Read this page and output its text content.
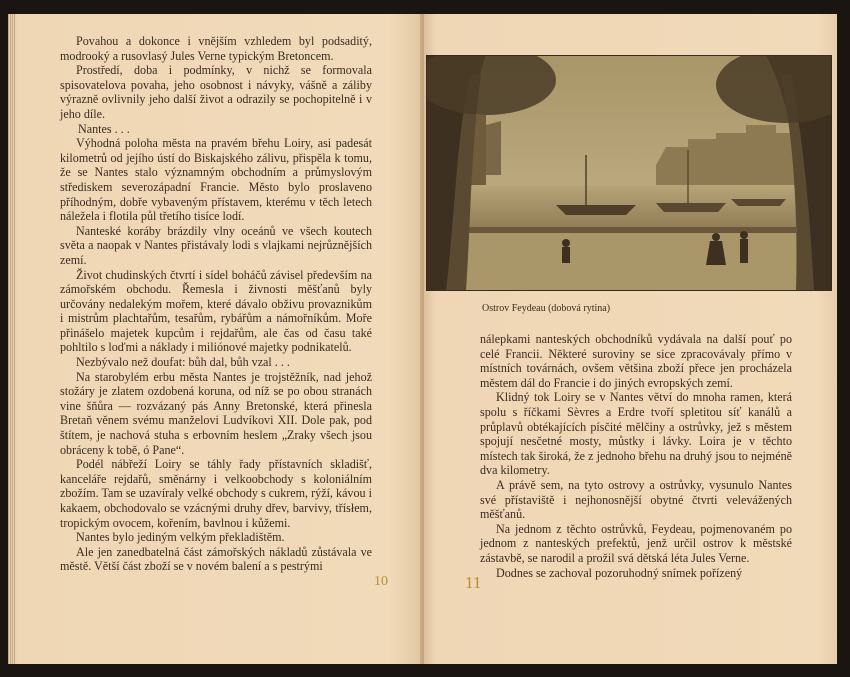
Povahou a dokonce i vnějším vzhledem byl podsaditý, modrooký a rusovlasý Jules Verne typickým Bretoncem.

Prostředí, doba i podmínky, v nichž se formovala spisovatelova povaha, jeho osobnost i návyky, vášně a záliby výrazně ovlivnily jeho další život a odrazily se pochopitelně i v jeho díle.

Nantes . . .

Výhodná poloha města na pravém břehu Loiry, asi padesát kilometrů od jejího ústí do Biskajského zálivu, přispěla k tomu, že se Nantes stalo významným obchodním a průmyslovým střediskem severozápadní Francie. Město bylo proslaveno příhodným, dobře vybaveným přístavem, kterému v těch letech náležela i flotila půl třetího tisíce lodí.

Nantеské koráby brázdily vlny oceánů ve všech koutech světa a naopak v Nantes přistávaly lodi s vlajkami nejrůznějších zemí.

Život chudinských čtvrtí i sídel boháčů závisel především na zámořském obchodu. Řemesla i živnosti měšťanů byly určovány nedalekým mořem, které dávalo obživu provaznikům i mistrům plachtařům, tesařům, rybářům a námořníkům. Moře přinášelo majetek kupcům i rejdařům, ale čas od času také pohltilo s loďmi a náklady i miliónové majetky podnikatelů.

Nezbývalo než doufat: bůh dal, bůh vzal . . .

Na starobylém erbu města Nantes je trojstěžník, nad jehož stožáry je zlatem ozdobená koruna, od níž se po obou stranách vine šňůra — rozvázaný pás Anny Bretonské, která přinesla Bretaň věnem svému manželovi Ludvíkovi XII. Dole pak, pod štítem, je nachová stuha s erbovním heslem „Zraky všech jsou obráceny k tobě, ó Pane“.

Podél nábřeží Loiry se táhly řady přístavních skladišť, kanceláře rejdařů, směnárny i velkoobchody s koloniálním zbožím. Tam se uzavíraly velké obchody s cukrem, rýží, kávou i kakaem, obchodovalo se vzácnými druhy dřev, barvivy, třísłem, tropickým ovocem, kořením, bavlnou i kůžemi.

Nantes bylo jediným velkým překladištěm.

Ale jen zanedbatelná část zámořských nákladů zůstávala ve městě. Větší část zboží se v novém balení a s pestrými

10
Ostrov Feydeau (dobová rytina)

nálepkami nantеských obchodníků vydávala na další pouť po celé Francii. Některé suroviny se sice zpracovávaly přímo v místních továrnách, ovšem většina zboží přece jen procházela městem dál do Francie i do jiných evropských zemí.

Klidný tok Loiry se v Nantes větví do mnoha ramen, která spolu s říčkami Sèvres a Erdre tvoří spletitou síť kanálů a průplavů obtékajících písčité mělčiny a ostrůvky, jež s městem spojují nesčetné mosty, můstky i lávky. Loira je v těchto místech tak široká, že z jednoho břehu na druhý jsou to nejméně dva kilometry.

A právě sem, na tyto ostrovy a ostrůvky, vysunulo Nantes své přístaviště i nejhonosnější obytné čtvrti velevážených měšťanů.

Na jednom z těchto ostrůvků, Feydeau, pojmenovaném po jednom z nantеských prefektů, jenž určil ostrov k městské zástavbě, se narodil a prožil svá dětská léta Jules Verne.

Dodnes se zachoval pozoruhodný snímek pořízený

11
